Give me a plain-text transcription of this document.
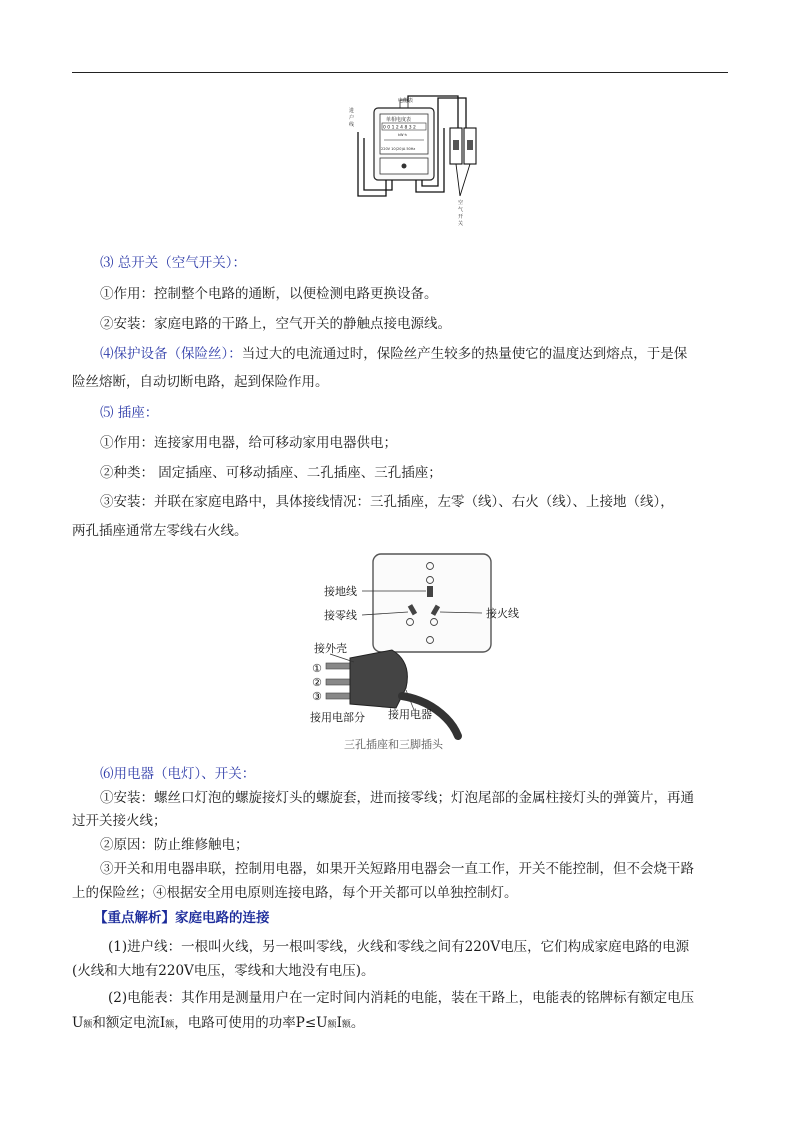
电能表
进
户
线
单相电度表
0 0 1 2 4 8 3 2
kW·h
220V 10(20)A 50Hz
空
气
开
关
⑶ 总开关（空气开关）：
①作用：控制整个电路的通断，以便检测电路更换设备。
②安装：家庭电路的干路上，空气开关的静触点接电源线。
⑷保护设备（保险丝）：当过大的电流通过时，保险丝产生较多的热量使它的温度达到熔点，于是保
险丝熔断，自动切断电路，起到保险作用。
⑸ 插座：
①作用：连接家用电器，给可移动家用电器供电；
②种类： 固定插座、可移动插座、二孔插座、三孔插座；
③安装：并联在家庭电路中，具体接线情况：三孔插座，左零（线）、右火（线）、上接地（线），
两孔插座通常左零线右火线。
接地线
接零线	接火线
接外壳
①
②
③
接用电部分 接用电器
三孔插座和三脚插头
⑹用电器（电灯）、开关：
①安装：螺丝口灯泡的螺旋接灯头的螺旋套，进而接零线；灯泡尾部的金属柱接灯头的弹簧片，再通
过开关接火线；
②原因：防止维修触电；
③开关和用电器串联，控制用电器，如果开关短路用电器会一直工作，开关不能控制，但不会烧干路
上的保险丝；④根据安全用电原则连接电路，每个开关都可以单独控制灯。
【重点解析】家庭电路的连接
(1)进户线：一根叫火线，另一根叫零线，火线和零线之间有220V电压，它们构成家庭电路的电源
(火线和大地有220V电压，零线和大地没有电压)。
(2)电能表：其作用是测量用户在一定时间内消耗的电能，装在干路上，电能表的铭牌标有额定电压
U额和额定电流I额，电路可使用的功率P≤U额I额。
